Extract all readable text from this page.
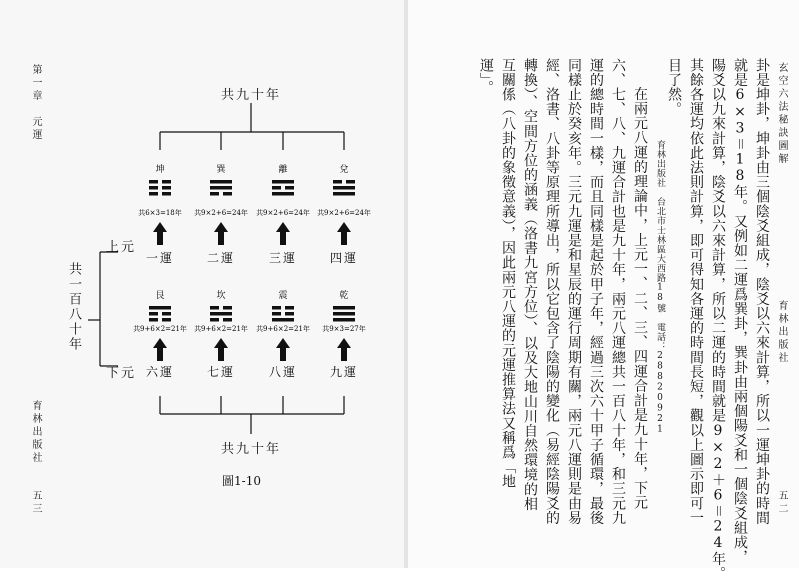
第一章　元運
育林出版社
五三
坤
共6×3=18年
一運
巽
共9×2+6=24年
二運
離
共9×2+6=24年
三運
兌
共9×2+6=24年
四運
艮
共9+6×2=21年
六運
坎
共9+6×2=21年
七運
震
共9+6×2=21年
八運
乾
共9×3=27年
九運
共九十年
共九十年
共一百八十年
上元
下元
圖1-10
玄空六法秘訣圖解
育林出版社
五二
卦是坤卦，坤卦由三個陰爻組成，陰爻以六來計算，所以一運坤卦的時間
就是6×3＝18年。又例如二運爲巽卦，巽卦由兩個陽爻和一個陰爻組成，
陽爻以九來計算，陰爻以六來計算，所以二運的時間就是9×2＋6＝24年。
其餘各運均依此法則計算，即可得知各運的時間長短，觀以上圖示即可一
目了然。
　在兩元八運的理論中，上元一、二、三、四運合計是九十年，下元
六、七、八、九運合計也是九十年，兩元八運總共一百八十年，和三元九
運的總時間一樣，而且同樣是起於甲子年，經過三次六十甲子循環，最後
同樣止於癸亥年。三元九運是和星辰的運行周期有關，兩元八運則是由易
經、洛書、八卦等原理所導出，所以它包含了陰陽的變化（易經陰陽爻的
轉換）、空間方位的涵義（洛書九宮方位）、以及大地山川自然環境的相
互關係（八卦的象徵意義），因此兩元八運的元運推算法又稱爲「地
運」。
育林出版社　台北市士林區大西路18號　電話：28820921
